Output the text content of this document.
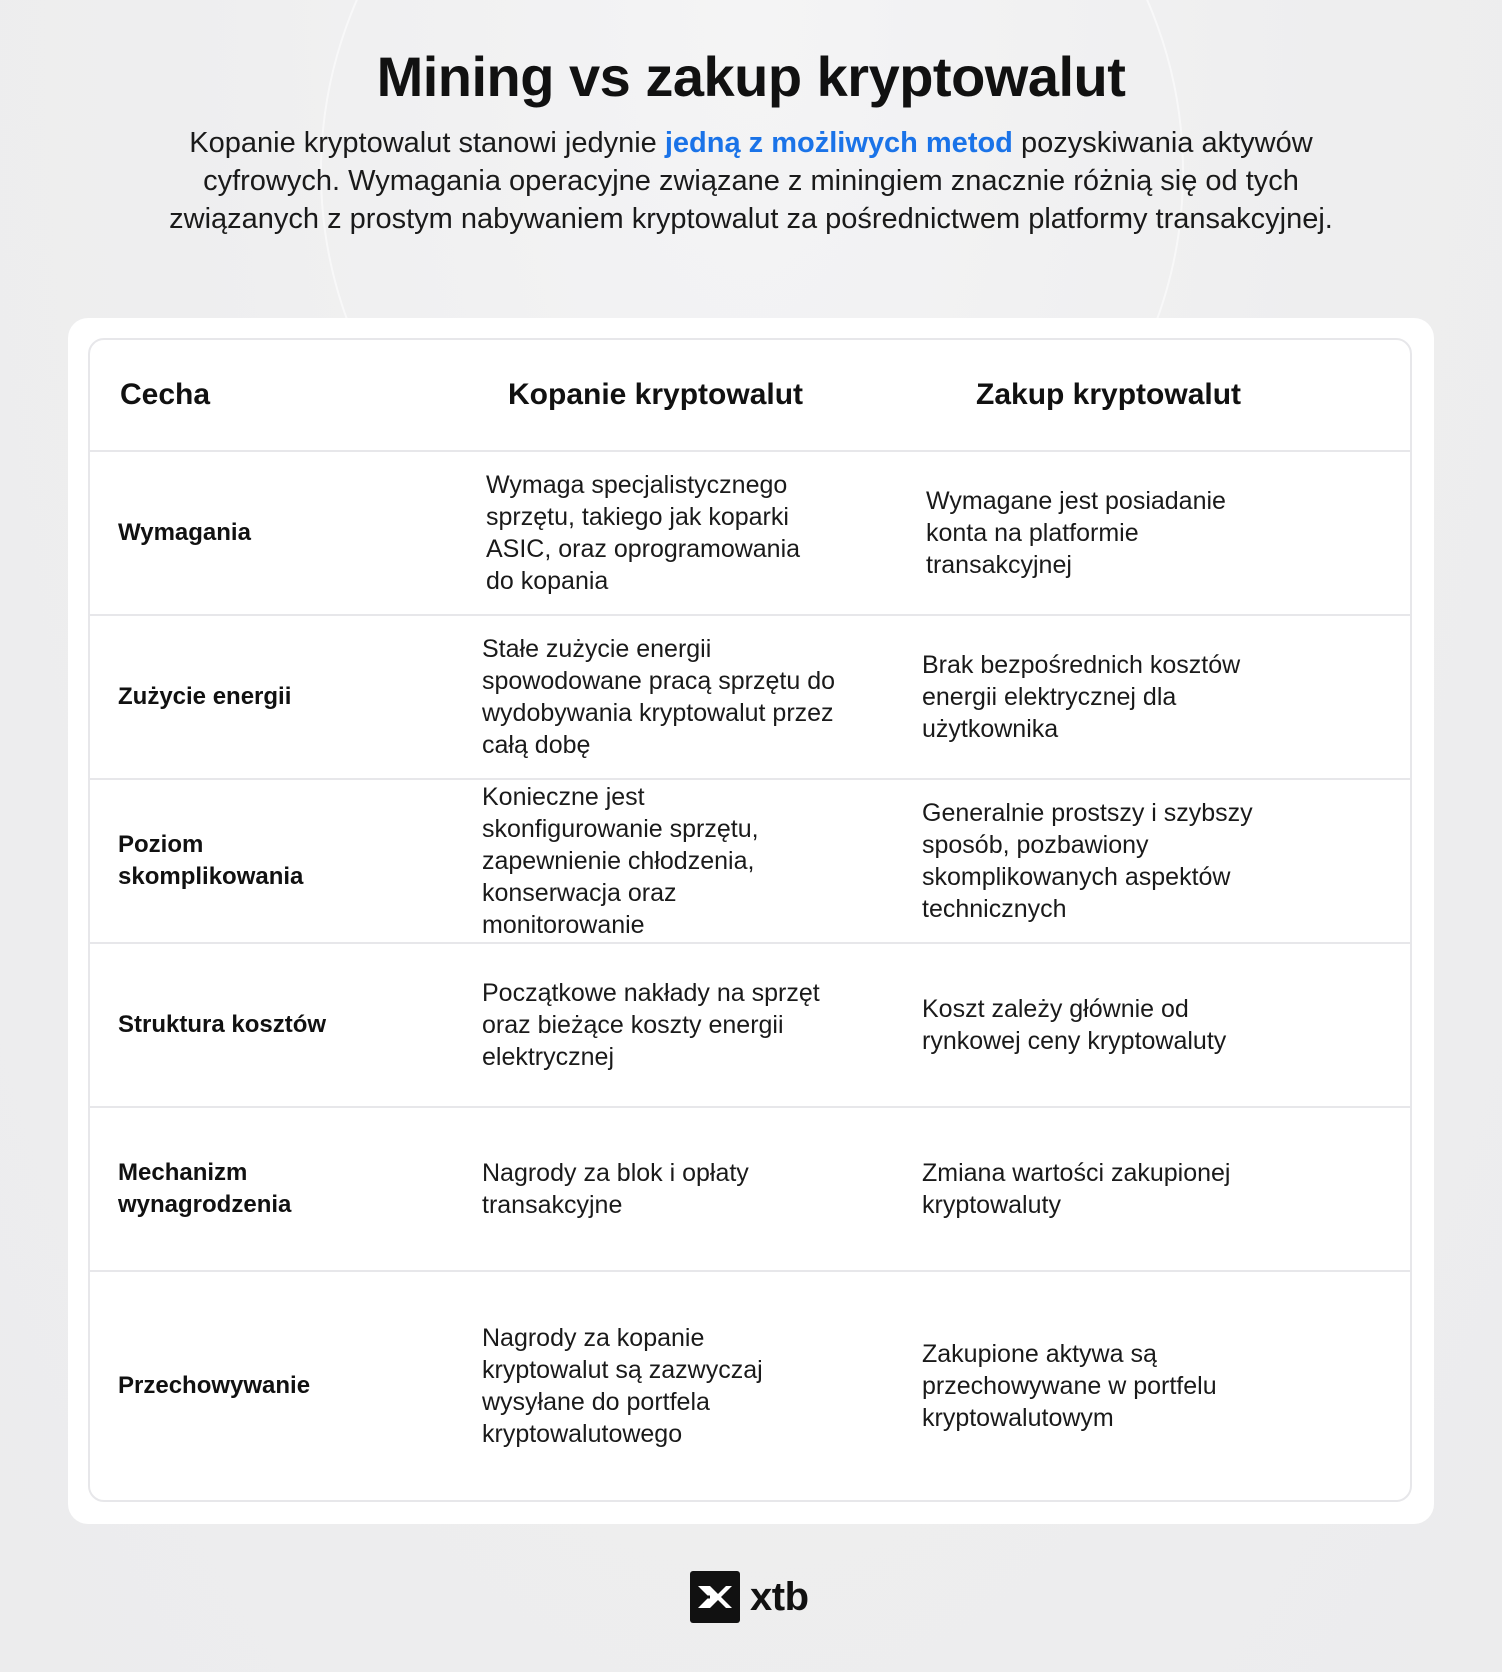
Mining vs zakup kryptowalut

Kopanie kryptowalut stanowi jedynie jedną z możliwych metod pozyskiwania aktywów cyfrowych. Wymagania operacyjne związane z miningiem znacznie różnią się od tych związanych z prostym nabywaniem kryptowalut za pośrednictwem platformy transakcyjnej.

Cecha	Kopanie kryptowalut	Zakup kryptowalut
Wymagania
Wymaga specjalistycznego sprzętu, takiego jak koparki ASIC, oraz oprogramowania do kopania
Wymagane jest posiadanie konta na platformie transakcyjnej
Zużycie energii
Stałe zużycie energii spowodowane pracą sprzętu do wydobywania kryptowalut przez całą dobę
Brak bezpośrednich kosztów energii elektrycznej dla użytkownika
Poziom skomplikowania
Konieczne jest skonfigurowanie sprzętu, zapewnienie chłodzenia, konserwacja oraz monitorowanie
Generalnie prostszy i szybszy sposób, pozbawiony skomplikowanych aspektów technicznych
Struktura kosztów
Początkowe nakłady na sprzęt oraz bieżące koszty energii elektrycznej
Koszt zależy głównie od rynkowej ceny kryptowaluty
Mechanizm wynagrodzenia
Nagrody za blok i opłaty transakcyjne
Zmiana wartości zakupionej kryptowaluty
Przechowywanie
Nagrody za kopanie kryptowalut są zazwyczaj wysyłane do portfela kryptowalutowego
Zakupione aktywa są przechowywane w portfelu kryptowalutowym
xtb
